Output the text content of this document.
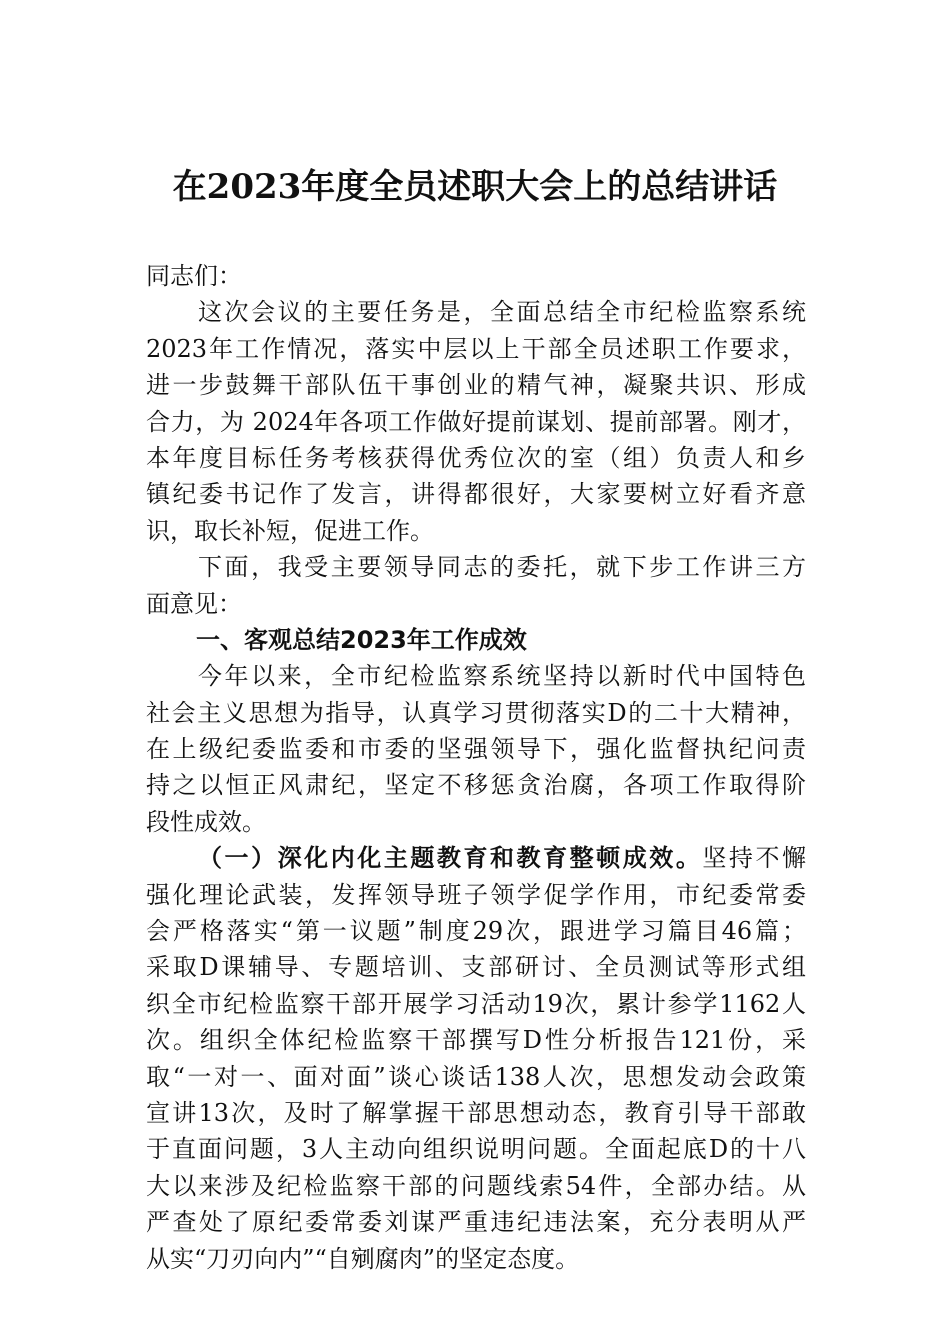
在2023年度全员述职大会上的总结讲话
同志们：
这次会议的主要任务是，全面总结全市纪检监察系统
2023年工作情况，落实中层以上干部全员述职工作要求，
进一步鼓舞干部队伍干事创业的精气神，凝聚共识、形成
合力，为 2024年各项工作做好提前谋划、提前部署。刚才，
本年度目标任务考核获得优秀位次的室（组）负责人和乡
镇纪委书记作了发言，讲得都很好，大家要树立好看齐意
识，取长补短，促进工作。
下面，我受主要领导同志的委托，就下步工作讲三方
面意见：
一、客观总结2023年工作成效
今年以来，全市纪检监察系统坚持以新时代中国特色
社会主义思想为指导，认真学习贯彻落实D的二十大精神，
在上级纪委监委和市委的坚强领导下，强化监督执纪问责
持之以恒正风肃纪，坚定不移惩贪治腐，各项工作取得阶
段性成效。
（一）深化内化主题教育和教育整顿成效。坚持不懈
强化理论武装，发挥领导班子领学促学作用，市纪委常委
会严格落实“第一议题”制度29次，跟进学习篇目46篇；
采取D课辅导、专题培训、支部研讨、全员测试等形式组
织全市纪检监察干部开展学习活动19次，累计参学1162人
次。组织全体纪检监察干部撰写D性分析报告121份，采
取“一对一、面对面”谈心谈话138人次，思想发动会政策
宣讲13次，及时了解掌握干部思想动态，教育引导干部敢
于直面问题，3人主动向组织说明问题。全面起底D的十八
大以来涉及纪检监察干部的问题线索54件，全部办结。从
严查处了原纪委常委刘谋严重违纪违法案，充分表明从严
从实“刀刃向内”“自剜腐肉”的坚定态度。
